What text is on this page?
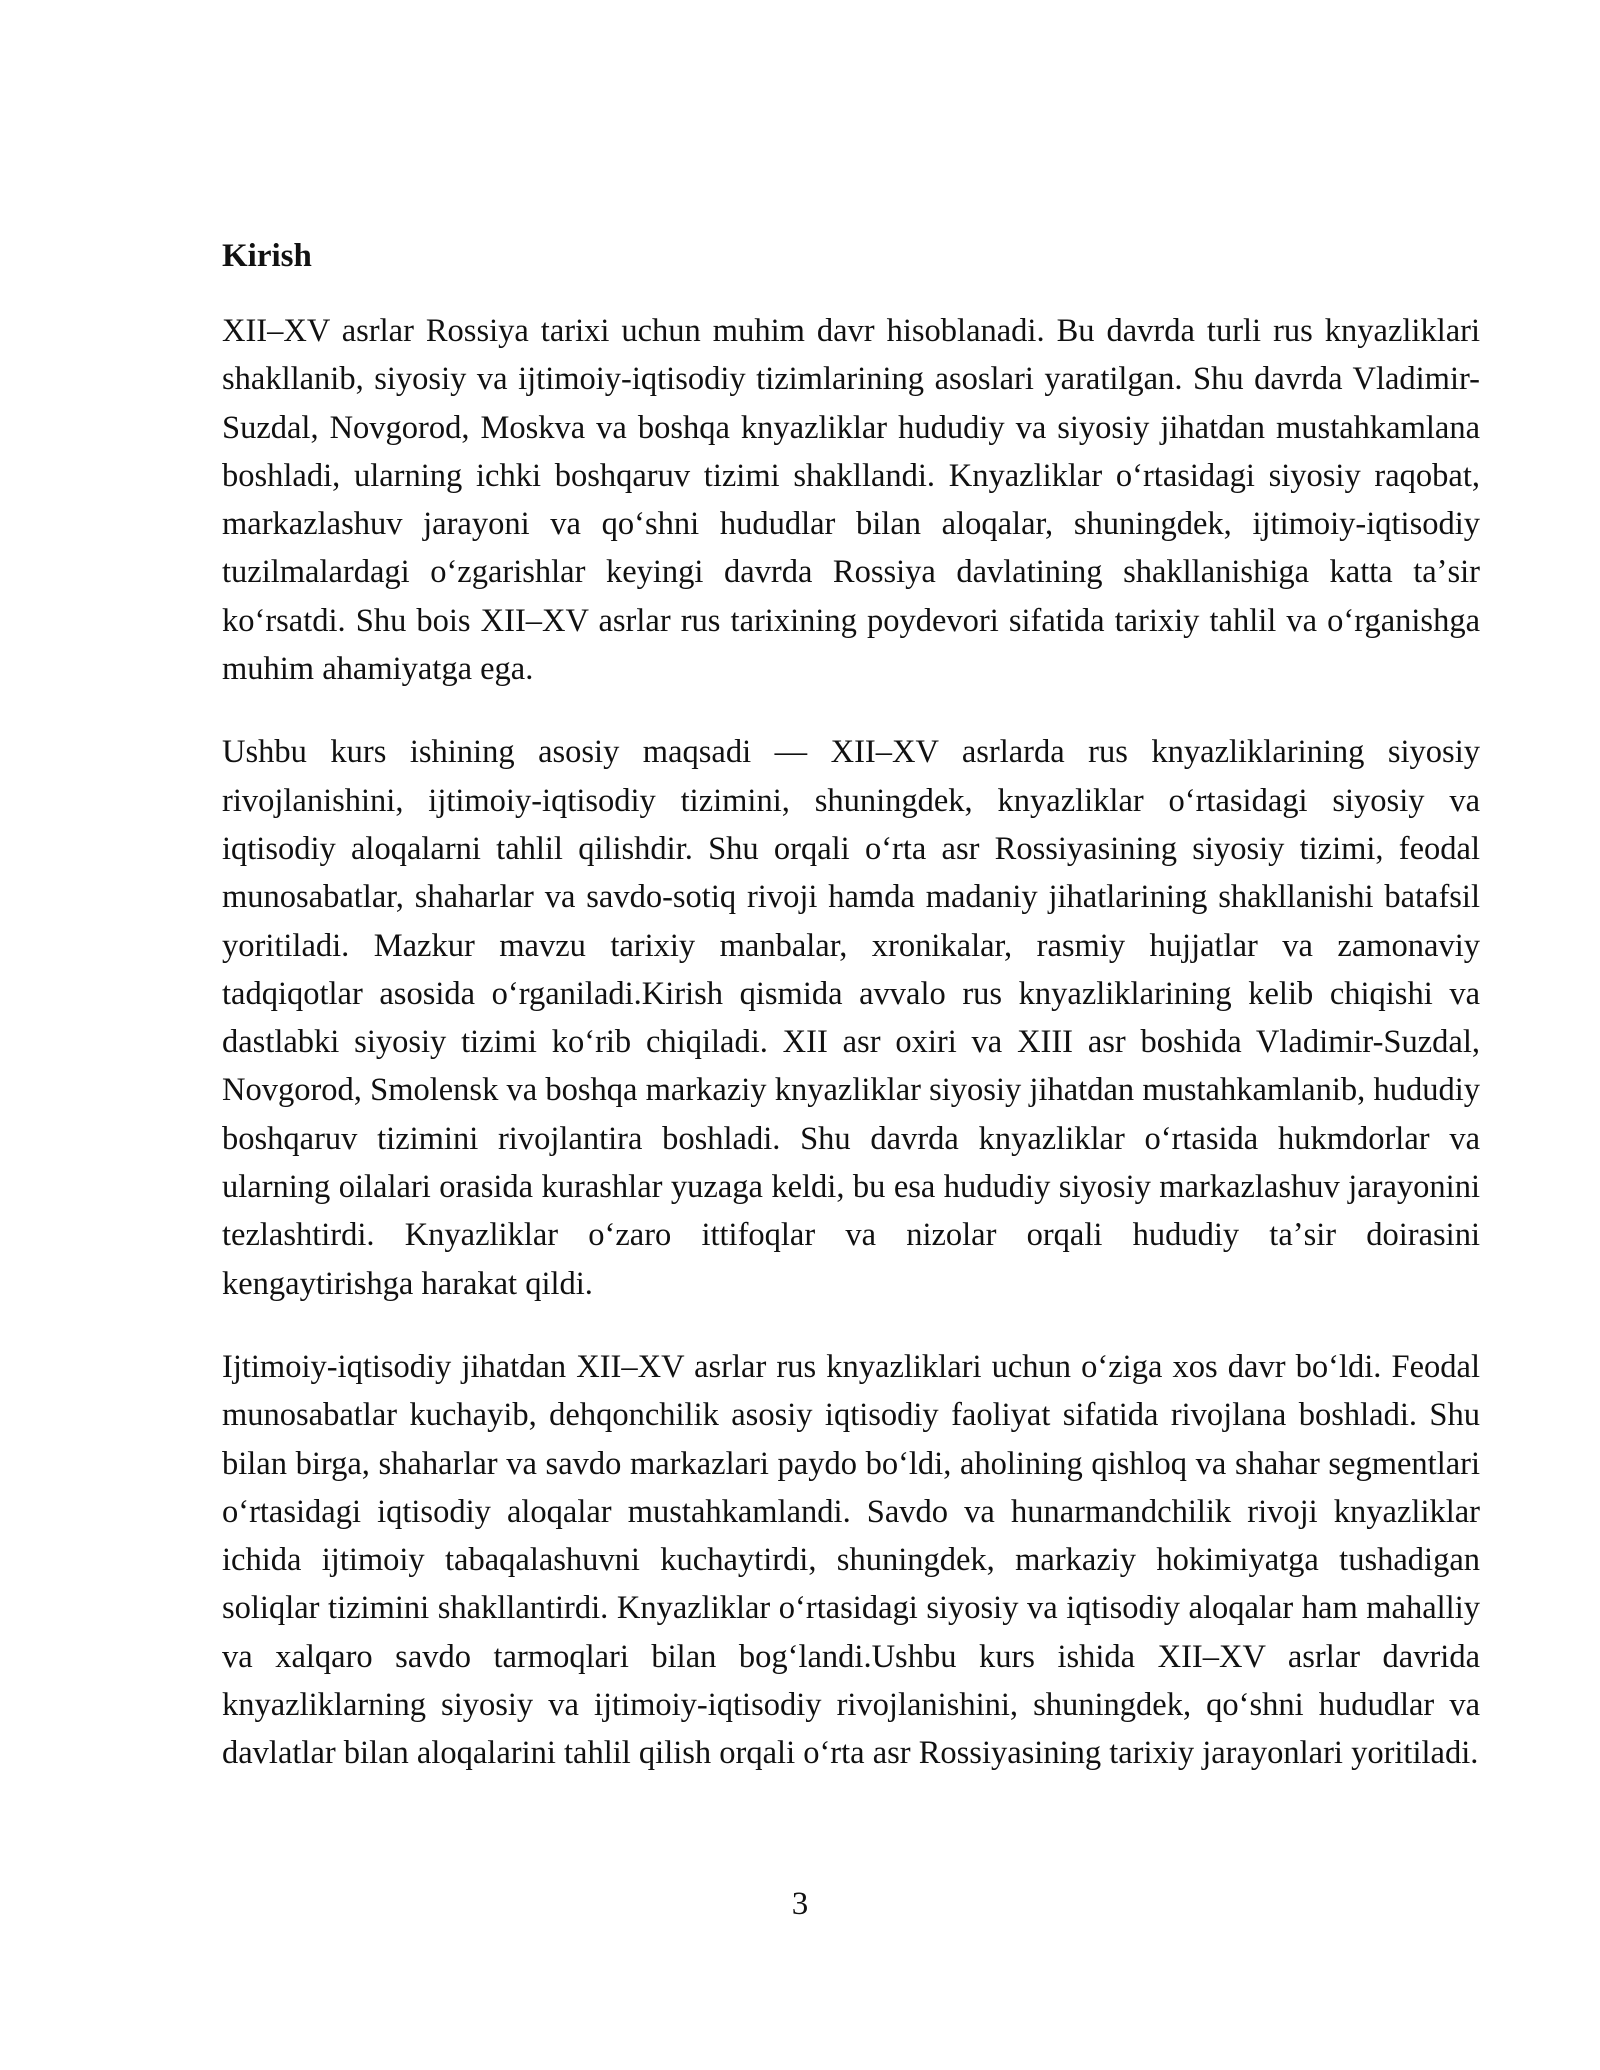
Kirish

XII–XV asrlar Rossiya tarixi uchun muhim davr hisoblanadi. Bu davrda turli rus knyazliklari shakllanib, siyosiy va ijtimoiy-iqtisodiy tizimlarining asoslari yaratilgan. Shu davrda Vladimir-Suzdal, Novgorod, Moskva va boshqa knyazliklar hududiy va siyosiy jihatdan mustahkamlana boshladi, ularning ichki boshqaruv tizimi shakllandi. Knyazliklar oʻrtasidagi siyosiy raqobat, markazlashuv jarayoni va qoʻshni hududlar bilan aloqalar, shuningdek, ijtimoiy-iqtisodiy tuzilmalardagi oʻzgarishlar keyingi davrda Rossiya davlatining shakllanishiga katta taʼsir koʻrsatdi. Shu bois XII–XV asrlar rus tarixining poydevori sifatida tarixiy tahlil va oʻrganishga muhim ahamiyatga ega.

Ushbu kurs ishining asosiy maqsadi — XII–XV asrlarda rus knyazliklarining siyosiy rivojlanishini, ijtimoiy-iqtisodiy tizimini, shuningdek, knyazliklar oʻrtasidagi siyosiy va iqtisodiy aloqalarni tahlil qilishdir. Shu orqali oʻrta asr Rossiyasining siyosiy tizimi, feodal munosabatlar, shaharlar va savdo-sotiq rivoji hamda madaniy jihatlarining shakllanishi batafsil yoritiladi. Mazkur mavzu tarixiy manbalar, xronikalar, rasmiy hujjatlar va zamonaviy tadqiqotlar asosida oʻrganiladi.Kirish qismida avvalo rus knyazliklarining kelib chiqishi va dastlabki siyosiy tizimi koʻrib chiqiladi. XII asr oxiri va XIII asr boshida Vladimir-Suzdal, Novgorod, Smolensk va boshqa markaziy knyazliklar siyosiy jihatdan mustahkamlanib, hududiy boshqaruv tizimini rivojlantira boshladi. Shu davrda knyazliklar oʻrtasida hukmdorlar va ularning oilalari orasida kurashlar yuzaga keldi, bu esa hududiy siyosiy markazlashuv jarayonini tezlashtirdi. Knyazliklar oʻzaro ittifoqlar va nizolar orqali hududiy taʼsir doirasini kengaytirishga harakat qildi.

Ijtimoiy-iqtisodiy jihatdan XII–XV asrlar rus knyazliklari uchun oʻziga xos davr boʻldi. Feodal munosabatlar kuchayib, dehqonchilik asosiy iqtisodiy faoliyat sifatida rivojlana boshladi. Shu bilan birga, shaharlar va savdo markazlari paydo boʻldi, aholining qishloq va shahar segmentlari oʻrtasidagi iqtisodiy aloqalar mustahkamlandi. Savdo va hunarmandchilik rivoji knyazliklar ichida ijtimoiy tabaqalashuvni kuchaytirdi, shuningdek, markaziy hokimiyatga tushadigan soliqlar tizimini shakllantirdi. Knyazliklar oʻrtasidagi siyosiy va iqtisodiy aloqalar ham mahalliy va xalqaro savdo tarmoqlari bilan bogʻlandi.Ushbu kurs ishida XII–XV asrlar davrida knyazliklarning siyosiy va ijtimoiy-iqtisodiy rivojlanishini, shuningdek, qoʻshni hududlar va davlatlar bilan aloqalarini tahlil qilish orqali oʻrta asr Rossiyasining tarixiy jarayonlari yoritiladi.

3
